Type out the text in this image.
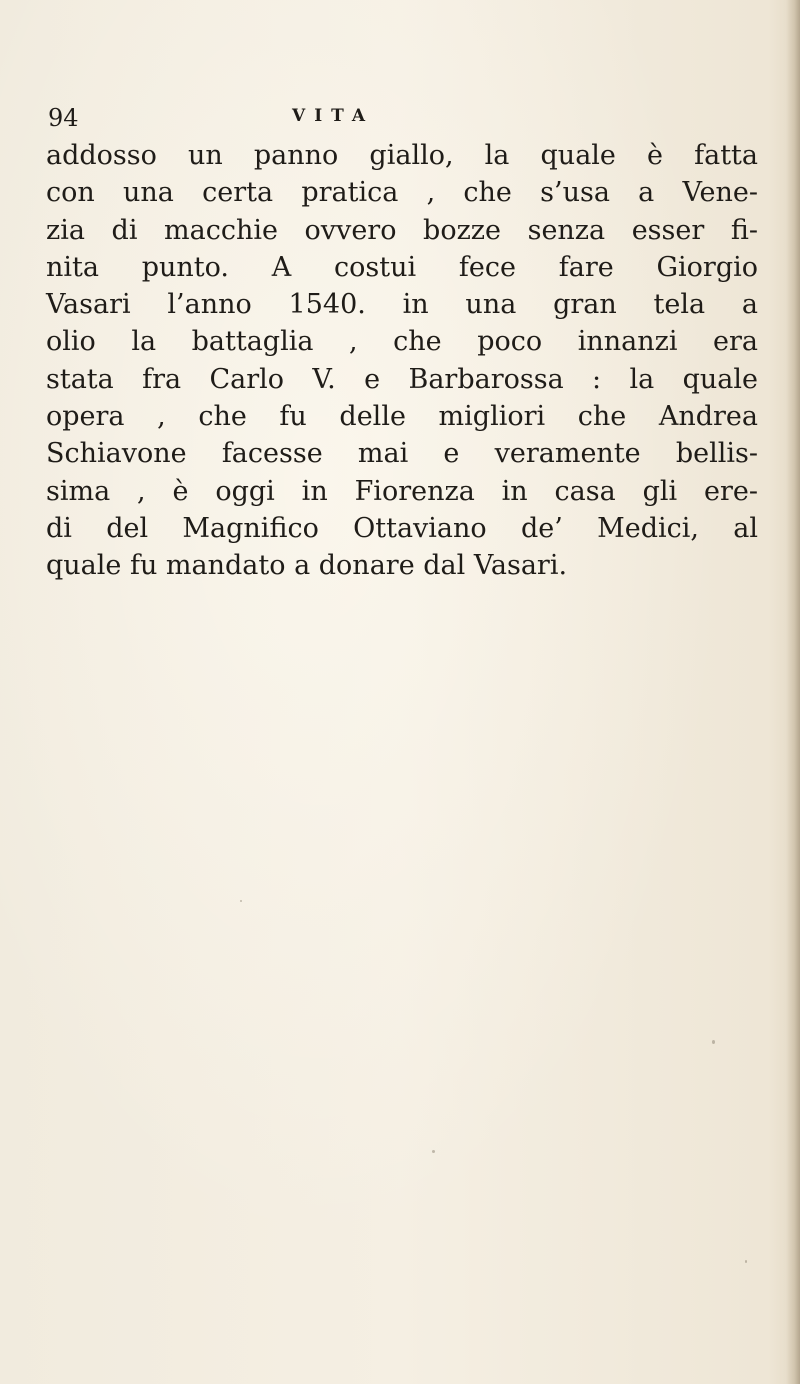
94	VITA

addosso un panno giallo, la quale è fatta
con una certa pratica , che s’usa a Vene-
zia di macchie ovvero bozze senza esser fi-
nita punto. A costui fece fare Giorgio
Vasari l’anno 1540. in una gran tela a
olio la battaglia , che poco innanzi era
stata fra Carlo V. e Barbarossa : la quale
opera , che fu delle migliori che Andrea
Schiavone facesse mai e veramente bellis-
sima , è oggi in Fiorenza in casa gli ere-
di del Magnifico Ottaviano de’ Medici, al
quale fu mandato a donare dal Vasari.
